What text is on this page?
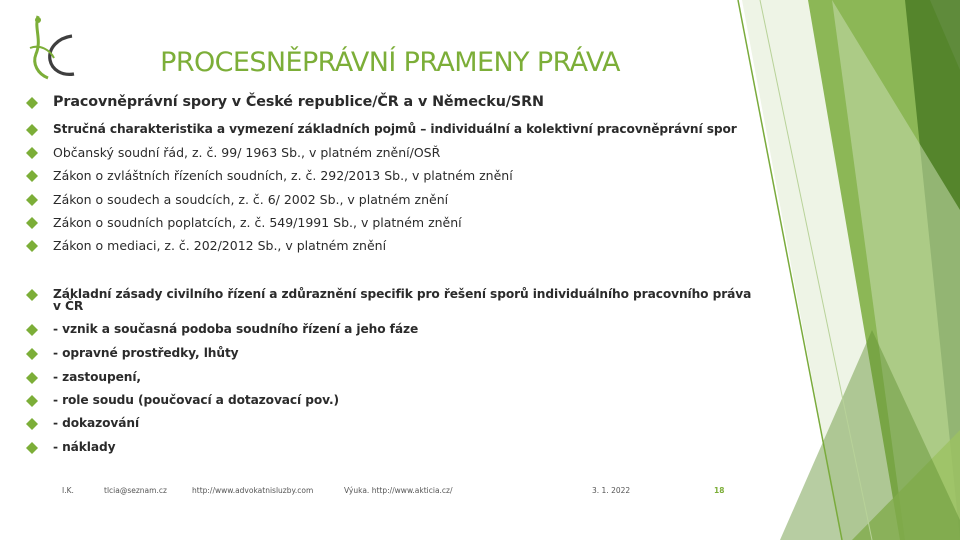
PROCESNĚPRÁVNÍ PRAMENY PRÁVA
Pracovněprávní spory v České republice/ČR a v Německu/SRN
Stručná charakteristika a vymezení základních pojmů – individuální a kolektivní pracovněprávní spor
Občanský soudní řád, z. č. 99/ 1963 Sb., v platném znění/OSŘ
Zákon o zvláštních řízeních soudních, z. č. 292/2013 Sb., v platném znění
Zákon o soudech a soudcích, z. č. 6/ 2002 Sb., v platném znění
Zákon o soudních poplatcích, z. č. 549/1991 Sb., v platném znění
Zákon o mediaci, z. č. 202/2012 Sb., v platném znění
Základní zásady civilního řízení a zdůraznění specifik pro řešení sporů individuálního pracovního práva v ČR
- vznik a současná podoba soudního řízení a jeho fáze
- opravné prostředky, lhůty
- zastoupení,
- role soudu (poučovací a dotazovací pov.)
- dokazování
- náklady
I.K.	tlcia@seznam.cz	http://www.advokatnisluzby.com	Výuka. http://www.akticia.cz/	3. 1. 2022	18
